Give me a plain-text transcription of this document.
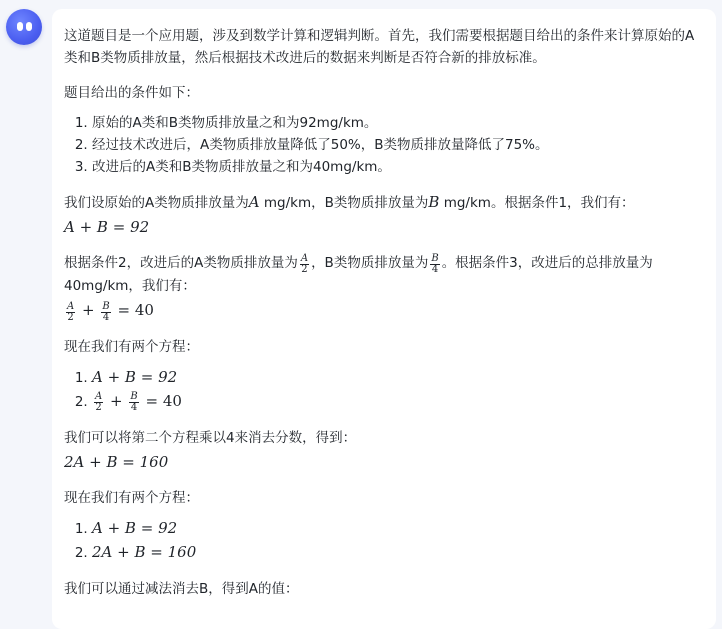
这道题目是一个应用题，涉及到数学计算和逻辑判断。首先，我们需要根据题目给出的条件来计算原始的A类和B类物质排放量，然后根据技术改进后的数据来判断是否符合新的排放标准。

题目给出的条件如下：

1. 原始的A类和B类物质排放量之和为92mg/km。
2. 经过技术改进后，A类物质排放量降低了50%，B类物质排放量降低了75%。
3. 改进后的A类和B类物质排放量之和为40mg/km。

我们设原始的A类物质排放量为A mg/km，B类物质排放量为B mg/km。根据条件1，我们有：

A + B = 92

根据条件2，改进后的A类物质排放量为 $\frac{A}{2}$ ，B类物质排放量为 $\frac{B}{4}$ 。根据条件3，改进后的总排放量为40mg/km，我们有：

$\frac{A}{2} + \frac{B}{4} = 40$

现在我们有两个方程：

1. A + B = 92
2. $\frac{A}{2} + \frac{B}{4} = 40$

我们可以将第二个方程乘以4来消去分数，得到：

2A + B = 160

现在我们有两个方程：

1. A + B = 92
2. 2A + B = 160

我们可以通过减法消去B，得到A的值：
